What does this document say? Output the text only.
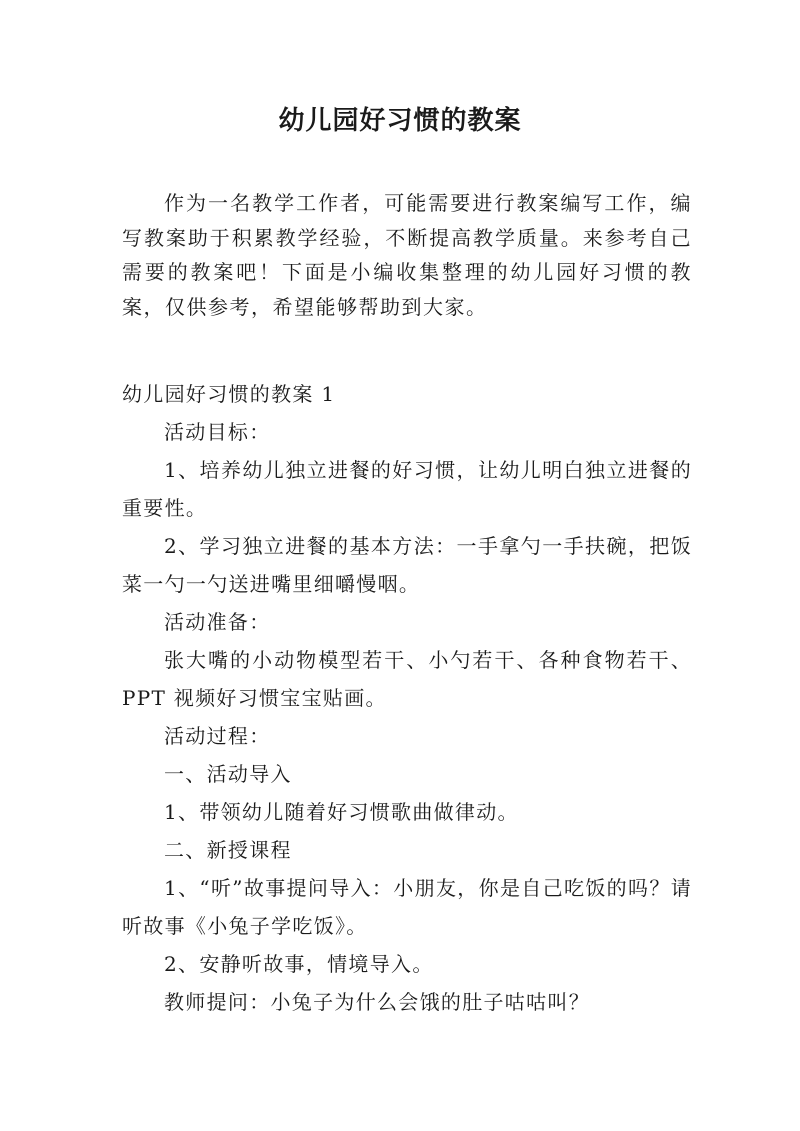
幼儿园好习惯的教案

作为一名教学工作者，可能需要进行教案编写工作，编写教案助于积累教学经验，不断提高教学质量。来参考自己需要的教案吧！下面是小编收集整理的幼儿园好习惯的教案，仅供参考，希望能够帮助到大家。

幼儿园好习惯的教案 1

活动目标：

1、培养幼儿独立进餐的好习惯，让幼儿明白独立进餐的重要性。

2、学习独立进餐的基本方法：一手拿勺一手扶碗，把饭菜一勺一勺送进嘴里细嚼慢咽。

活动准备：

张大嘴的小动物模型若干、小勺若干、各种食物若干、PPT 视频好习惯宝宝贴画。

活动过程：

一、活动导入

1、带领幼儿随着好习惯歌曲做律动。

二、新授课程

1、“听”故事提问导入：小朋友，你是自己吃饭的吗？请听故事《小兔子学吃饭》。

2、安静听故事，情境导入。

教师提问：小兔子为什么会饿的肚子咕咕叫？
